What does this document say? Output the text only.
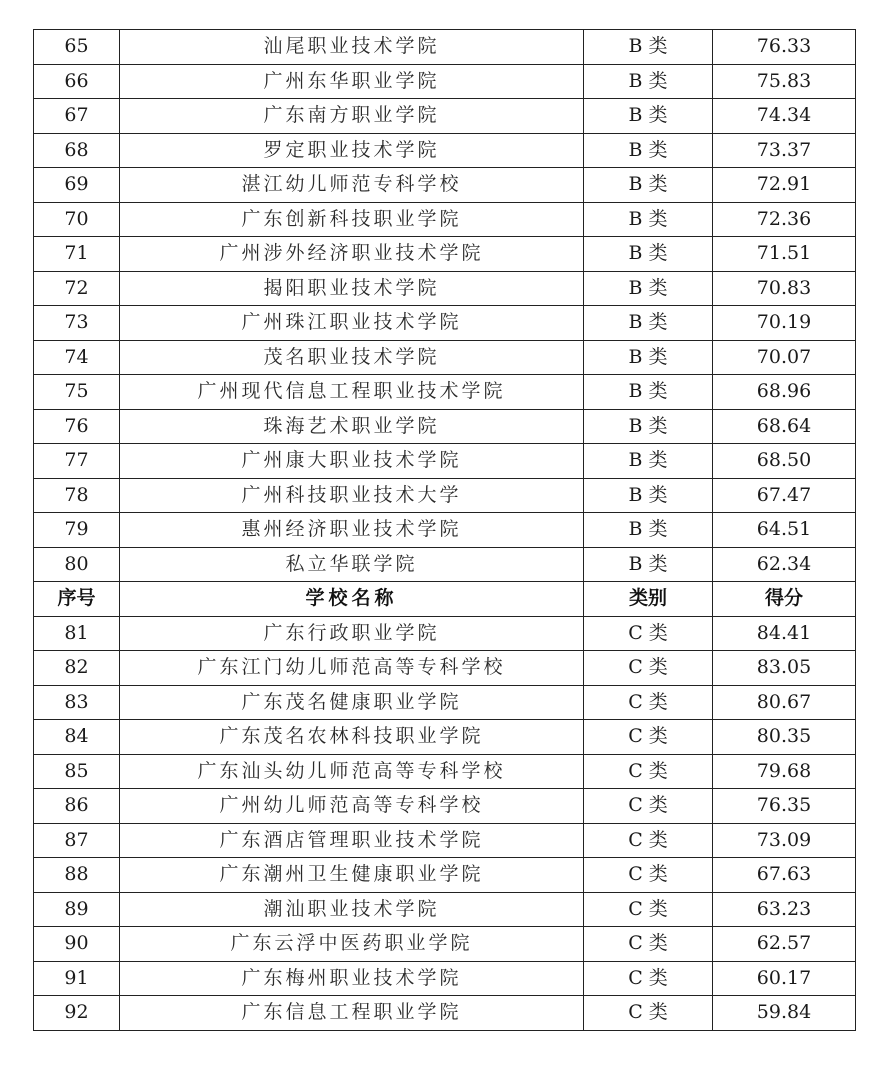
65	汕尾职业技术学院	B 类	76.33
66	广州东华职业学院	B 类	75.83
67	广东南方职业学院	B 类	74.34
68	罗定职业技术学院	B 类	73.37
69	湛江幼儿师范专科学校	B 类	72.91
70	广东创新科技职业学院	B 类	72.36
71	广州涉外经济职业技术学院	B 类	71.51
72	揭阳职业技术学院	B 类	70.83
73	广州珠江职业技术学院	B 类	70.19
74	茂名职业技术学院	B 类	70.07
75	广州现代信息工程职业技术学院	B 类	68.96
76	珠海艺术职业学院	B 类	68.64
77	广州康大职业技术学院	B 类	68.50
78	广州科技职业技术大学	B 类	67.47
79	惠州经济职业技术学院	B 类	64.51
80	私立华联学院	B 类	62.34
序号	学校名称	类别	得分
81	广东行政职业学院	C 类	84.41
82	广东江门幼儿师范高等专科学校	C 类	83.05
83	广东茂名健康职业学院	C 类	80.67
84	广东茂名农林科技职业学院	C 类	80.35
85	广东汕头幼儿师范高等专科学校	C 类	79.68
86	广州幼儿师范高等专科学校	C 类	76.35
87	广东酒店管理职业技术学院	C 类	73.09
88	广东潮州卫生健康职业学院	C 类	67.63
89	潮汕职业技术学院	C 类	63.23
90	广东云浮中医药职业学院	C 类	62.57
91	广东梅州职业技术学院	C 类	60.17
92	广东信息工程职业学院	C 类	59.84
